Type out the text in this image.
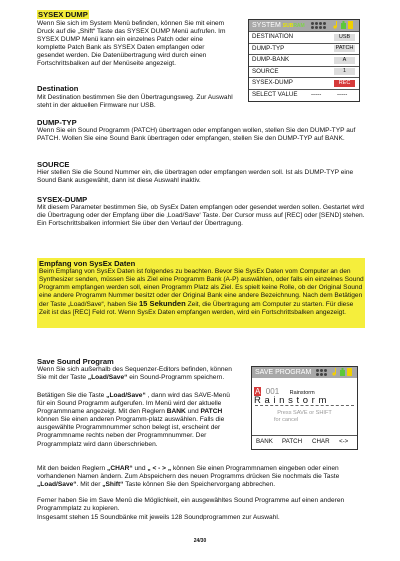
SYSEX DUMP

Wenn Sie sich im System Menü befinden, können Sie mit einem Druck auf die „Shift“ Taste das SYSEX DUMP Menü aufrufen. Im SYSEX DUMP Menü kann ein einzelnes Patch oder eine komplette Patch Bank als SYSEX Daten empfangen oder gesendet werden. Die Datenübertragung wird durch einen Fortschrittsbalken auf der Menüseite angezeigt.

SYSTEM SUBRAM
DESTINATION	USB
DUMP-TYP	PATCH
DUMP-BANK	A
SOURCE	1
SYSEX-DUMP	REC
SELECT VALUE -----	-----
Destination

Mit Destination bestimmen Sie den Übertragungsweg. Zur Auswahl steht in der aktuellen Firmware nur USB.

DUMP-TYP

Wenn Sie ein Sound Programm (PATCH) übertragen oder empfangen wollen, stellen Sie den DUMP-TYP auf PATCH. Wollen Sie eine Sound Bank übertragen oder empfangen, stellen Sie den DUMP-TYP auf BANK.

SOURCE

Hier stellen Sie die Sound Nummer ein, die übertragen oder empfangen werden soll. Ist als DUMP-TYP eine Sound Bank ausgewählt, dann ist diese Auswahl inaktiv.

SYSEX-DUMP

Mit diesem Parameter bestimmen Sie, ob SysEx Daten empfangen oder gesendet werden sollen. Gestartet wird die Übertragung oder der Empfang über die ‚Load/Save‘ Taste. Der Cursor muss auf [REC] oder [SEND] stehen. Ein Fortschrittsbalken informiert Sie über den Verlauf der Übertragung.

Empfang von SysEx Daten

Beim Empfang von SysEx Daten ist folgendes zu beachten. Bevor Sie SysEx Daten vom Computer an den Synthesizer senden, müssen Sie als Ziel eine Programm Bank (A-P) auswählen, oder falls ein einzelnes Sound Programm empfangen werden soll, einen Programm Platz als Ziel. Es spielt keine Rolle, ob der Original Sound eine andere Programm Nummer besitzt oder der Original Bank eine andere Bezeichnung. Nach dem Betätigen der Taste „Load/Save“, haben Sie 15 Sekunden Zeit, die Übertragung am Computer zu starten. Für diese Zeit ist das [REC] Feld rot. Wenn SysEx Daten empfangen werden, wird ein Fortschrittsbalken angezeigt.

Save Sound Program

Wenn Sie sich außerhalb des Sequenzer-Editors befinden, können Sie mit der Taste „Load/Save“ ein Sound-Programm speichern.

Betätigen Sie die Taste „Load/Save“ , dann wird das SAVE-Menü für ein Sound Programm aufgerufen. Im Menü wird der aktuelle Programmname angezeigt. Mit den Reglern BANK und PATCH können Sie einen anderen Programm-platz auswählen. Falls die ausgewählte Programmnummer schon belegt ist, erscheint der Programmname rechts neben der Programmnummer. Der Programmplatz wird dann überschrieben.

Mit den beiden Reglern „CHAR“ und „ < - > „ können Sie einen Programmnamen eingeben oder einen vorhandenen Namen ändern. Zum Abspeichern des neuen Programms drücken Sie nochmals die Taste „Load/Save“. Mit der „Shift“ Taste können Sie den Speichervorgang abbrechen.

Ferner haben Sie im Save Menü die Möglichkeit, ein ausgewähltes Sound Programme auf einen anderen Programmplatz zu kopieren.

Insgesamt stehen 15 Soundbänke mit jeweils 128 Soundprogrammen zur Auswahl.

SAVE PROGRAM
A 001 Rainstorm
R a i n s t o r m
Press SAVE or SHIFT
for cancel
BANK PATCH CHAR <->
24/30
